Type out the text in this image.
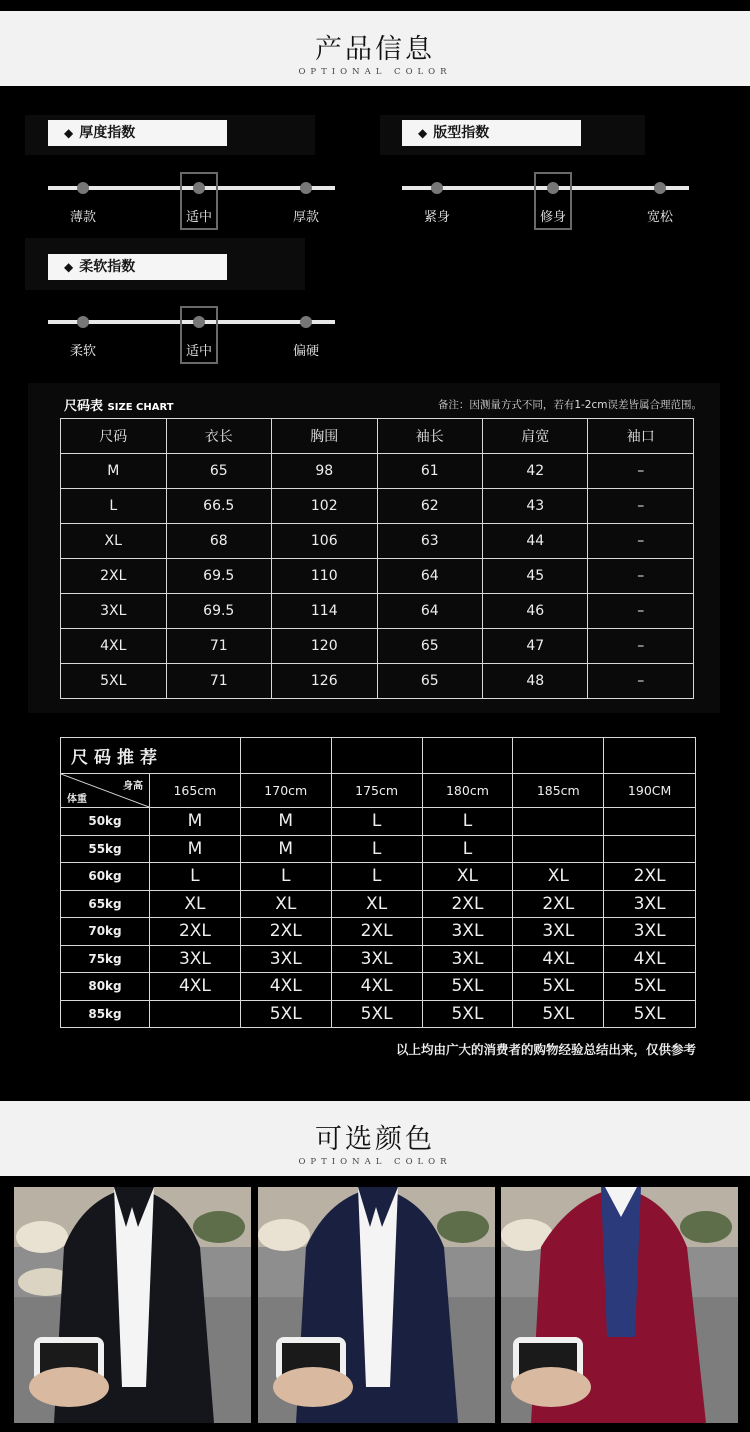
产品信息
OPTIONAL COLOR
◆ 厚度指数
薄款	适中	厚款
◆ 版型指数
紧身	修身	宽松
◆ 柔软指数
柔软	适中	偏硬
尺码表 SIZE CHART	备注：因测量方式不同，若有1-2cm误差皆属合理范围。
尺码	衣长	胸围	袖长	肩宽	袖口
M	65	98	61	42	–
L	66.5	102	62	43	–
XL	68	106	63	44	–
2XL	69.5	110	64	45	–
3XL	69.5	114	64	46	–
4XL	71	120	65	47	–
5XL	71	126	65	48	–
尺码推荐						

身高
体重	165cm	170cm	175cm	180cm	185cm	190CM
50kg	M	M	L	L		
55kg	M	M	L	L		
60kg	L	L	L	XL	XL	2XL
65kg	XL	XL	XL	2XL	2XL	3XL
70kg	2XL	2XL	2XL	3XL	3XL	3XL
75kg	3XL	3XL	3XL	3XL	4XL	4XL
80kg	4XL	4XL	4XL	5XL	5XL	5XL
85kg		5XL	5XL	5XL	5XL	5XL
以上均由广大的消费者的购物经验总结出来，仅供参考
可选颜色
OPTIONAL COLOR
